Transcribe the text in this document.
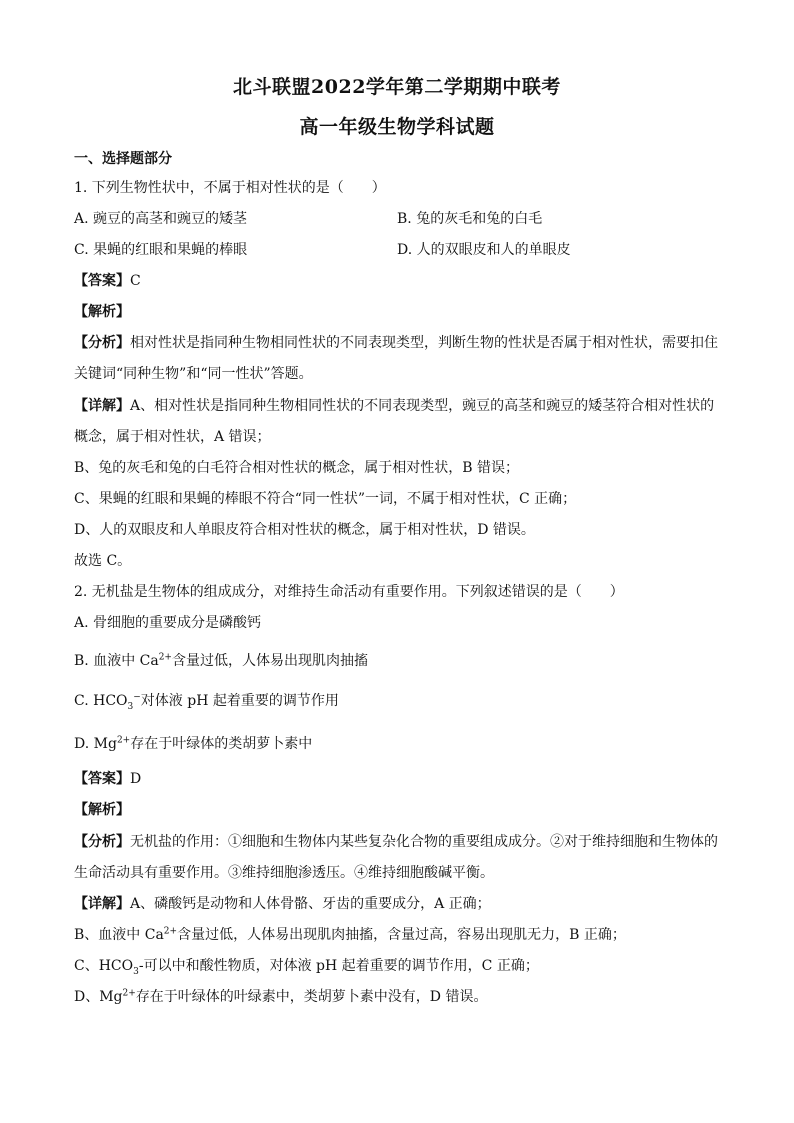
北斗联盟2022学年第二学期期中联考
高一年级生物学科试题
一、选择题部分
1. 下列生物性状中，不属于相对性状的是（　　）
A. 豌豆的高茎和豌豆的矮茎	B. 兔的灰毛和兔的白毛
C. 果蝇的红眼和果蝇的棒眼	D. 人的双眼皮和人的单眼皮
【答案】C
【解析】
【分析】相对性状是指同种生物相同性状的不同表现类型，判断生物的性状是否属于相对性状，需要扣住
关键词“同种生物”和“同一性状”答题。
【详解】A、相对性状是指同种生物相同性状的不同表现类型，豌豆的高茎和豌豆的矮茎符合相对性状的
概念，属于相对性状，A 错误；
B、兔的灰毛和兔的白毛符合相对性状的概念，属于相对性状，B 错误；
C、果蝇的红眼和果蝇的棒眼不符合“同一性状”一词，不属于相对性状，C 正确；
D、人的双眼皮和人单眼皮符合相对性状的概念，属于相对性状，D 错误。
故选 C。
2. 无机盐是生物体的组成成分，对维持生命活动有重要作用。下列叙述错误的是（　　）
A. 骨细胞的重要成分是磷酸钙
B. 血液中 $Ca^{2+}$含量过低，人体易出现肌肉抽搐
C. $HCO_3^-$对体液 pH 起着重要的调节作用
D. $Mg^{2+}$存在于叶绿体的类胡萝卜素中
【答案】D
【解析】
【分析】无机盐的作用：①细胞和生物体内某些复杂化合物的重要组成成分。②对于维持细胞和生物体的
生命活动具有重要作用。③维持细胞渗透压。④维持细胞酸碱平衡。
【详解】A、磷酸钙是动物和人体骨骼、牙齿的重要成分，A 正确；
B、血液中 $Ca^{2+}$含量过低，人体易出现肌肉抽搐，含量过高，容易出现肌无力，B 正确；
C、$HCO_3-$可以中和酸性物质，对体液 pH 起着重要的调节作用，C 正确；
D、$Mg^{2+}$存在于叶绿体的叶绿素中，类胡萝卜素中没有，D 错误。
